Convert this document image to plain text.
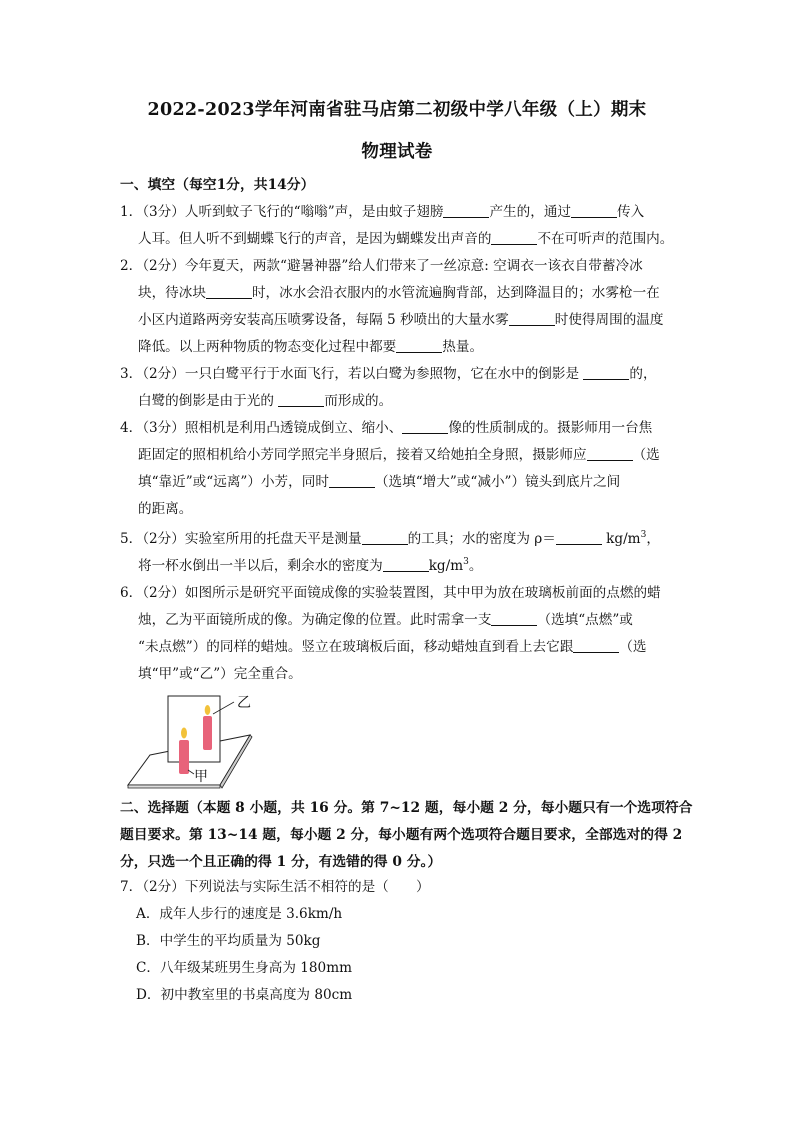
2022-2023学年河南省驻马店第二初级中学八年级（上）期末
物理试卷
一、填空（每空1分，共14分）
1．（3分）人听到蚊子飞行的“嗡嗡”声，是由蚊子翅膀	产生的，通过	传入
人耳。但人听不到蝴蝶飞行的声音，是因为蝴蝶发出声音的	不在可听声的范围内。
2．（2分）今年夏天，两款“避暑神器”给人们带来了一丝凉意: 空调衣一该衣自带蓄冷冰
块，待冰块	时，冰水会沿衣服内的水管流遍胸背部，达到降温目的；水雾枪一在
小区内道路两旁安装高压喷雾设备，每隔 5 秒喷出的大量水雾	时使得周围的温度
降低。以上两种物质的物态变化过程中都要	热量。
3．（2分）一只白鹭平行于水面飞行，若以白鹭为参照物，它在水中的倒影是	的，
白鹭的倒影是由于光的	而形成的。
4．（3分）照相机是利用凸透镜成倒立、缩小、	像的性质制成的。摄影师用一台焦
距固定的照相机给小芳同学照完半身照后，接着又给她拍全身照，摄影师应	（选
填“靠近”或“远离”）小芳，同时	（选填“增大”或“减小”）镜头到底片之间
的距离。
5．（2分）实验室所用的托盘天平是测量	的工具；水的密度为 ρ＝	$kg/m^3$，
将一杯水倒出一半以后，剩余水的密度为	$kg/m^3$。
6．（2分）如图所示是研究平面镜成像的实验装置图，其中甲为放在玻璃板前面的点燃的蜡
烛，乙为平面镜所成的像。为确定像的位置。此时需拿一支	（选填“点燃”或
“未点燃”）的同样的蜡烛。竖立在玻璃板后面，移动蜡烛直到看上去它跟	（选
填“甲”或“乙”）完全重合。
乙
甲
二、选择题（本题 8 小题，共 16 分。第 7~12 题，每小题 2 分，每小题只有一个选项符合
题目要求。第 13~14 题，每小题 2 分，每小题有两个选项符合题目要求，全部选对的得 2
分，只选一个且正确的得 1 分，有选错的得 0 分。）
7．（2分）下列说法与实际生活不相符的是（　　）
A．成年人步行的速度是 3.6km/h
B．中学生的平均质量为 50kg
C．八年级某班男生身高为 180mm
D．初中教室里的书桌高度为 80cm
